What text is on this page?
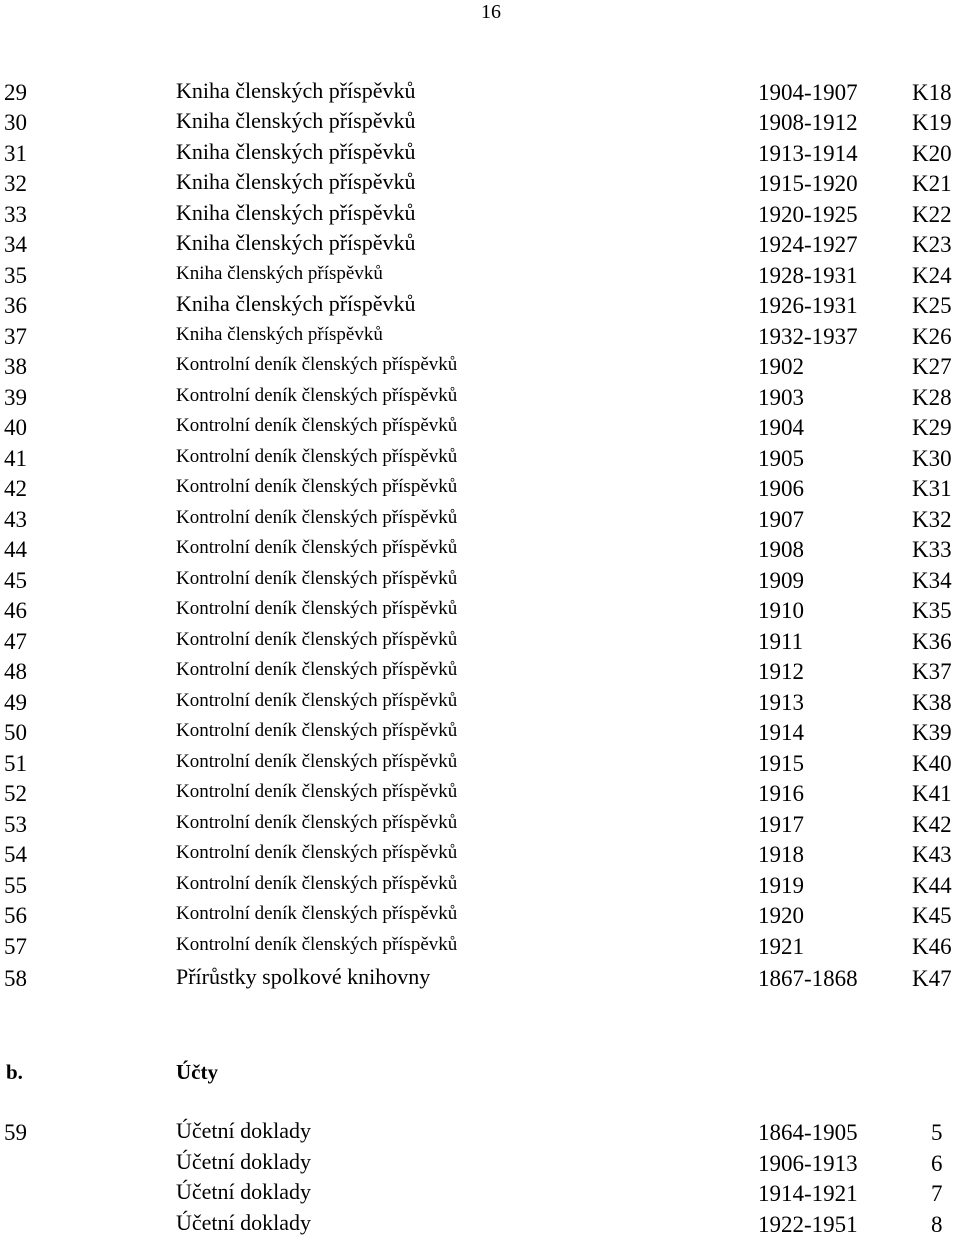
16
29	Kniha členských příspěvků	1904-1907 K18
30	Kniha členských příspěvků	1908-1912 K19
31	Kniha členských příspěvků	1913-1914 K20
32	Kniha členských příspěvků	1915-1920 K21
33	Kniha členských příspěvků	1920-1925 K22
34	Kniha členských příspěvků	1924-1927 K23
35	Kniha členských příspěvků	1928-1931 K24
36	Kniha členských příspěvků	1926-1931 K25
37	Kniha členských příspěvků	1932-1937 K26
38	Kontrolní deník členských příspěvků	1902	K27
39	Kontrolní deník členských příspěvků	1903	K28
40	Kontrolní deník členských příspěvků	1904	K29
41	Kontrolní deník členských příspěvků	1905	K30
42	Kontrolní deník členských příspěvků	1906	K31
43	Kontrolní deník členských příspěvků	1907	K32
44	Kontrolní deník členských příspěvků	1908	K33
45	Kontrolní deník členských příspěvků	1909	K34
46	Kontrolní deník členských příspěvků	1910	K35
47	Kontrolní deník členských příspěvků	1911	K36
48	Kontrolní deník členských příspěvků	1912	K37
49	Kontrolní deník členských příspěvků	1913	K38
50	Kontrolní deník členských příspěvků	1914	K39
51	Kontrolní deník členských příspěvků	1915	K40
52	Kontrolní deník členských příspěvků	1916	K41
53	Kontrolní deník členských příspěvků	1917	K42
54	Kontrolní deník členských příspěvků	1918	K43
55	Kontrolní deník členských příspěvků	1919	K44
56	Kontrolní deník členských příspěvků	1920	K45
57	Kontrolní deník členských příspěvků	1921	K46
58	Přírůstky spolkové knihovny	1867-1868 K47
b.	Účty
59	Účetní doklady	1864-1905	5
Účetní doklady	1906-1913	6
Účetní doklady	1914-1921	7
Účetní doklady	1922-1951	8
